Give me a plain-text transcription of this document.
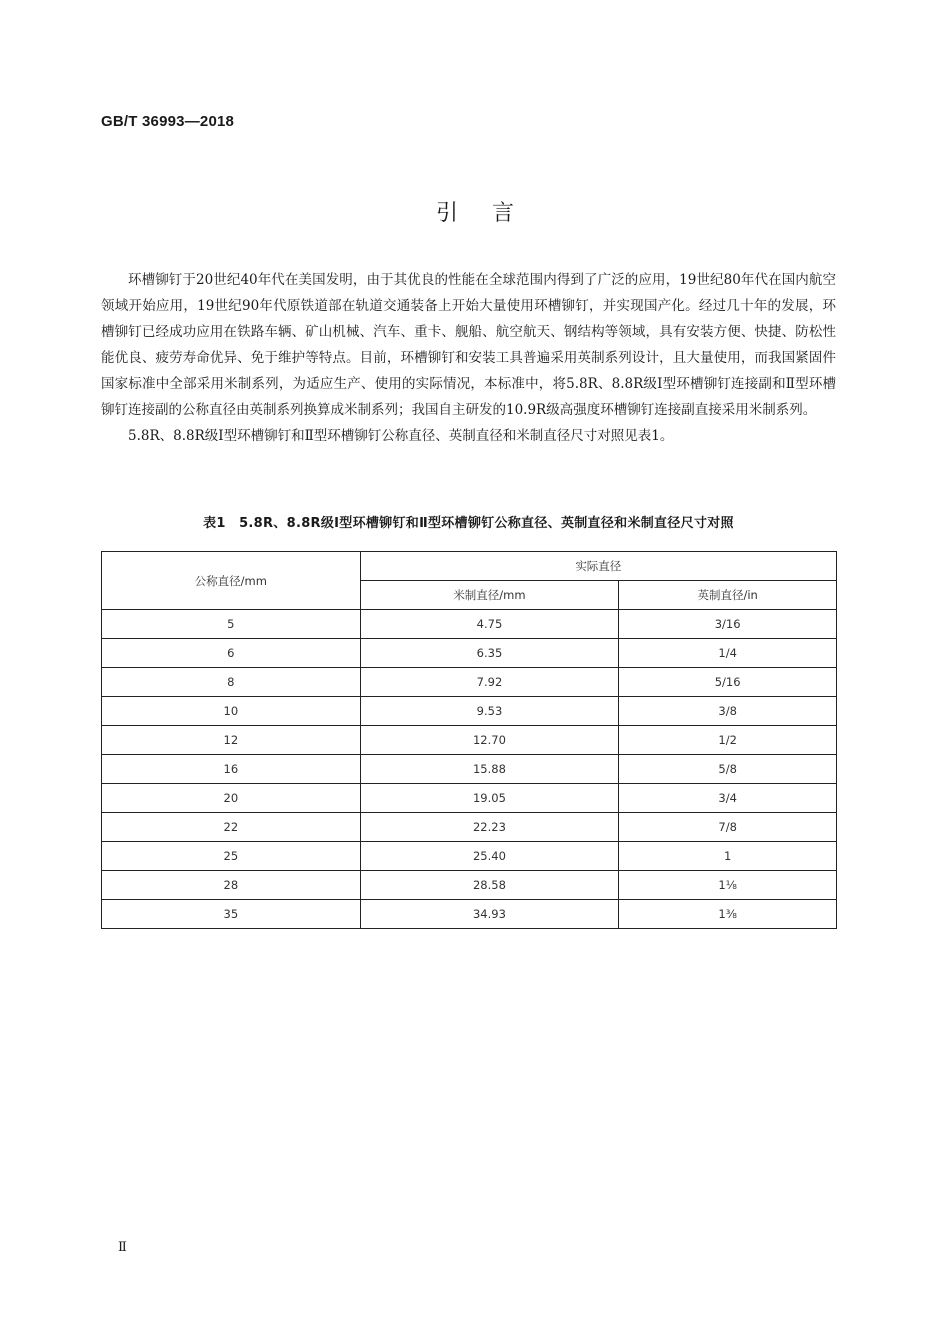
GB/T 36993—2018
引言

环槽铆钉于20世纪40年代在美国发明，由于其优良的性能在全球范围内得到了广泛的应用，19世纪80年代在国内航空领域开始应用，19世纪90年代原铁道部在轨道交通装备上开始大量使用环槽铆钉，并实现国产化。经过几十年的发展，环槽铆钉已经成功应用在铁路车辆、矿山机械、汽车、重卡、舰船、航空航天、钢结构等领域，具有安装方便、快捷、防松性能优良、疲劳寿命优异、免于维护等特点。目前，环槽铆钉和安装工具普遍采用英制系列设计，且大量使用，而我国紧固件国家标准中全部采用米制系列，为适应生产、使用的实际情况，本标准中，将5.8R、8.8R级Ⅰ型环槽铆钉连接副和Ⅱ型环槽铆钉连接副的公称直径由英制系列换算成米制系列；我国自主研发的10.9R级高强度环槽铆钉连接副直接采用米制系列。

5.8R、8.8R级Ⅰ型环槽铆钉和Ⅱ型环槽铆钉公称直径、英制直径和米制直径尺寸对照见表1。

表1　5.8R、8.8R级Ⅰ型环槽铆钉和Ⅱ型环槽铆钉公称直径、英制直径和米制直径尺寸对照
公称直径/mm	实际直径	
	米制直径/mm	英制直径/in
5	4.75	3/16
6	6.35	1/4
8	7.92	5/16
10	9.53	3/8
12	12.70	1/2
16	15.88	5/8
20	19.05	3/4
22	22.23	7/8
25	25.40	1
28	28.58	1⅛
35	34.93	1⅜
Ⅱ
